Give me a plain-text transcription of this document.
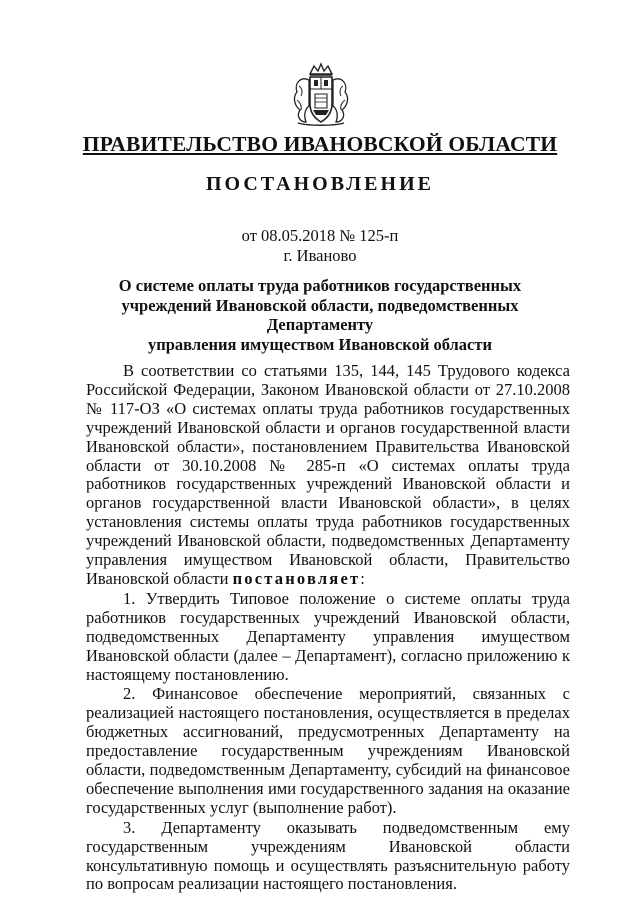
ПРАВИТЕЛЬСТВО ИВАНОВСКОЙ ОБЛАСТИ
ПОСТАНОВЛЕНИЕ
от 08.05.2018 № 125-п
г. Иваново
О системе оплаты труда работников государственных
учреждений Ивановской области, подведомственных Департаменту
управления имуществом Ивановской области

В соответствии со статьями 135, 144, 145 Трудового кодекса Российской Федерации, Законом Ивановской области от 27.10.2008 № 117-ОЗ «О системах оплаты труда работников государственных учреждений Ивановской области и органов государственной власти Ивановской области», постановлением Правительства Ивановской области от 30.10.2008 № 285-п «О системах оплаты труда работников государственных учреждений Ивановской области и органов государственной власти Ивановской области», в целях установления системы оплаты труда работников государственных учреждений Ивановской области, подведомственных Департаменту управления имуществом Ивановской области, Правительство Ивановской области постановляет:

1. Утвердить Типовое положение о системе оплаты труда работников государственных учреждений Ивановской области, подведомственных Департаменту управления имуществом Ивановской области (далее – Департамент), согласно приложению к настоящему постановлению.

2. Финансовое обеспечение мероприятий, связанных с реализацией настоящего постановления, осуществляется в пределах бюджетных ассигнований, предусмотренных Департаменту на предоставление государственным учреждениям Ивановской области, подведомственным Департаменту, субсидий на финансовое обеспечение выполнения ими государственного задания на оказание государственных услуг (выполнение работ).

3. Департаменту оказывать подведомственным ему государственным учреждениям Ивановской области консультативную помощь и осуществлять разъяснительную работу по вопросам реализации настоящего постановления.
